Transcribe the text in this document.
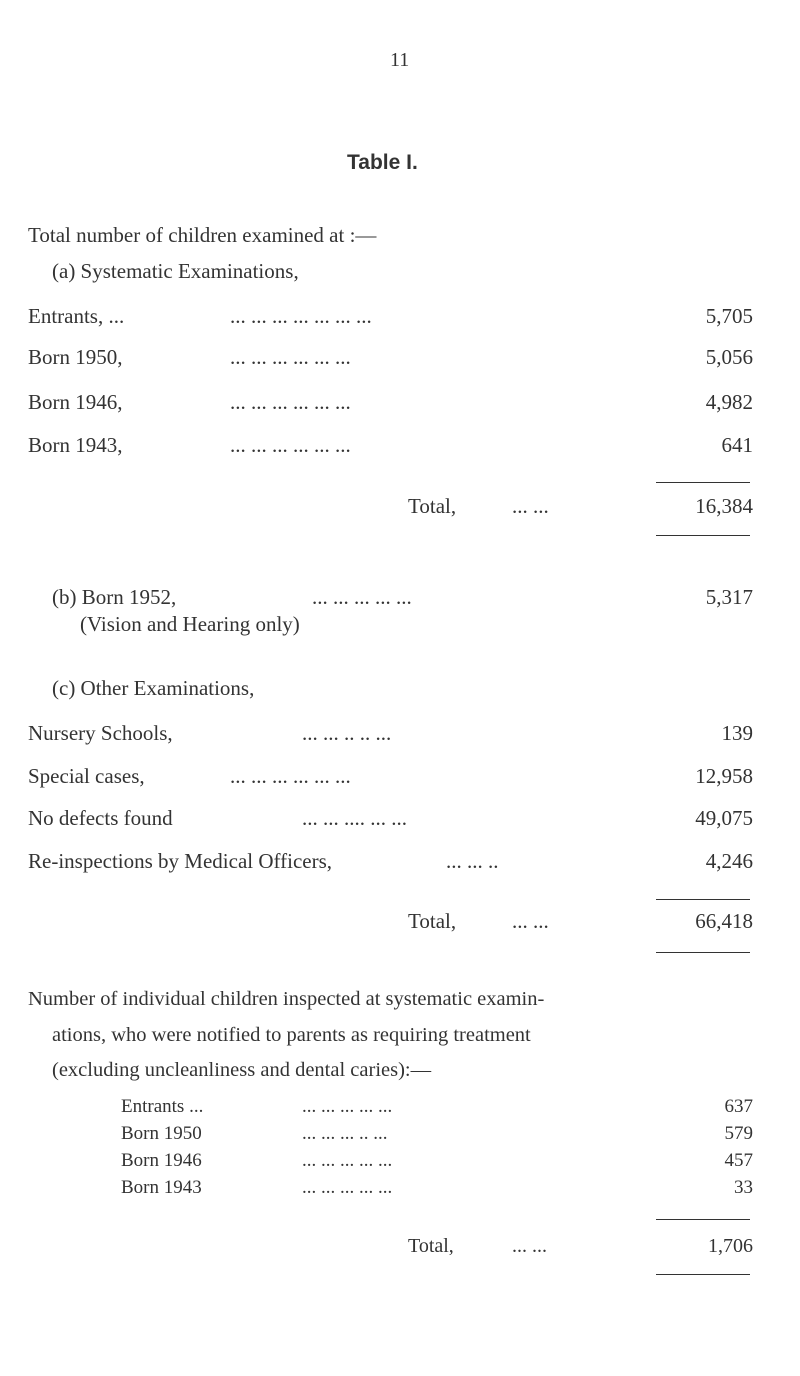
11
Table I.
Total number of children examined at :—
(a) Systematic Examinations,
Entrants, ...	... ... ... ... ... ... ...	5,705
Born 1950,	... ... ... ... ... ...	5,056
Born 1946,	... ... ... ... ... ...	4,982
Born 1943,	... ... ... ... ... ...	641
Total,	... ...	16,384
(b) Born 1952,	... ... ... ... ...	5,317
(Vision and Hearing only)
(c) Other Examinations,
Nursery Schools,	... ... .. .. ...	139
Special cases,	... ... ... ... ... ...	12,958
No defects found	... ... .... ... ...	49,075
Re-inspections by Medical Officers,	... ... ..	4,246
Total,	... ...	66,418
Number of individual children inspected at systematic examin-
ations, who were notified to parents as requiring treatment
(excluding uncleanliness and dental caries):—
Entrants ...	... ... ... ... ...	637
Born 1950	... ... ... .. ...	579
Born 1946	... ... ... ... ...	457
Born 1943	... ... ... ... ...	33
Total,	... ...	1,706
